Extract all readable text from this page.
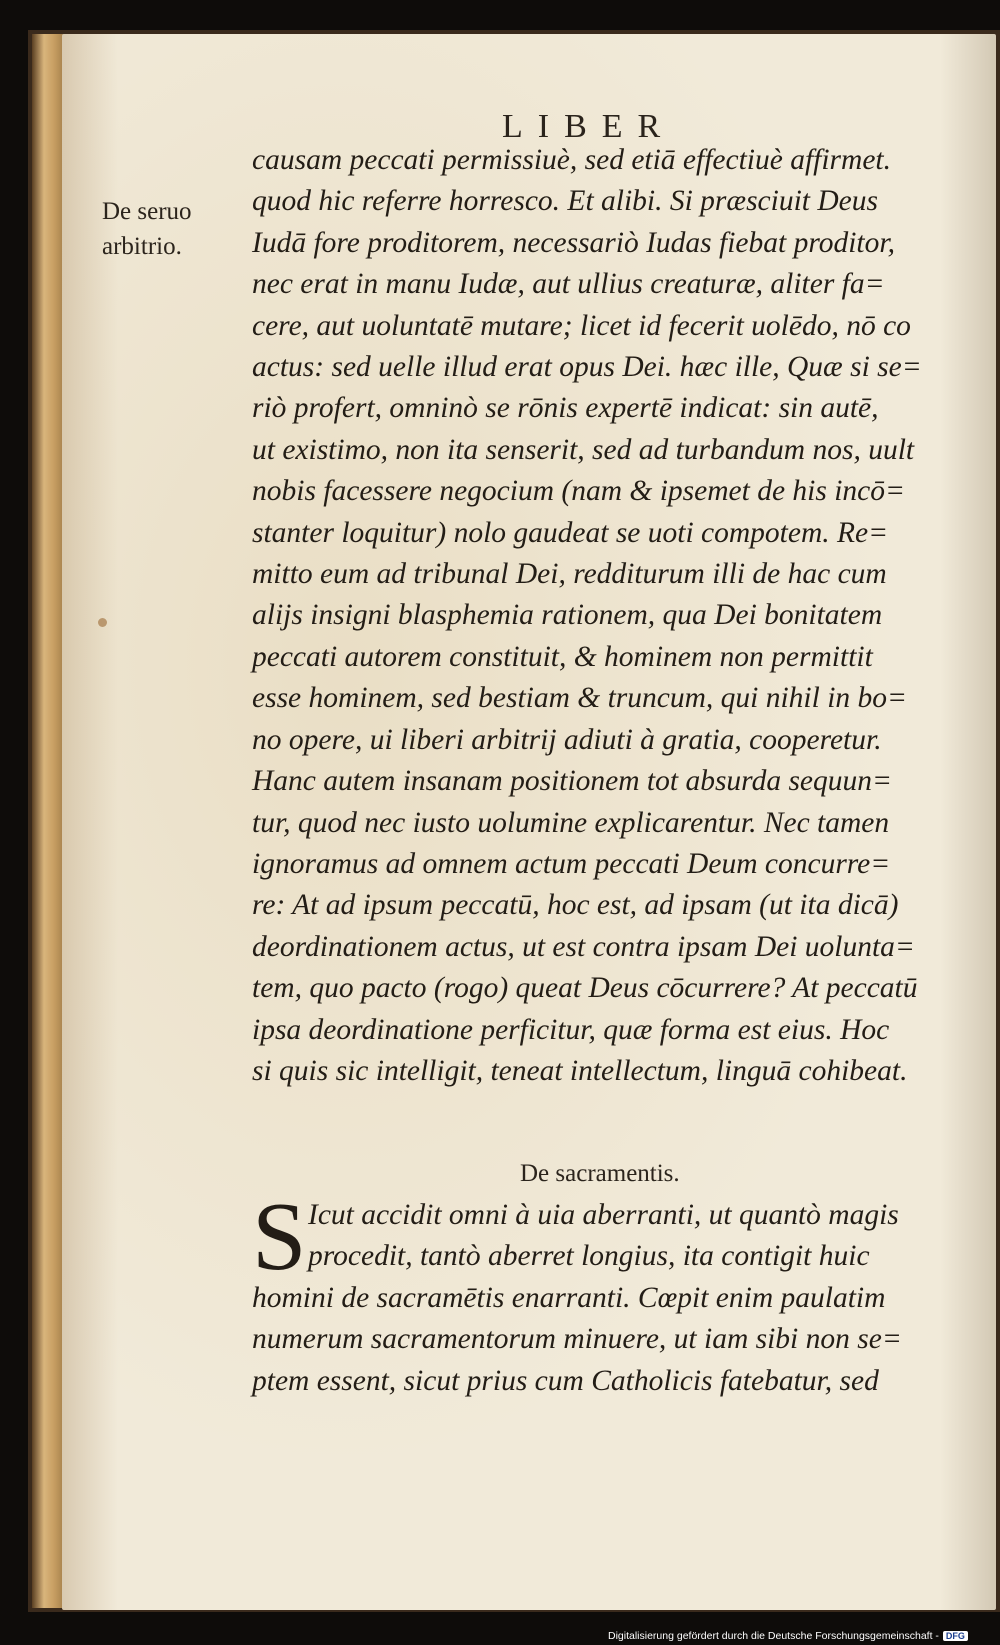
LIBER
De seruo
arbitrio.
causam peccati permissiuè, sed etiā effectiuè affirmet.
quod hic referre horresco. Et alibi. Si præsciuit Deus
Iudā fore proditorem, necessariò Iudas fiebat proditor,
nec erat in manu Iudæ, aut ullius creaturæ, aliter fa=
cere, aut uoluntatē mutare; licet id fecerit uolēdo, nō co
actus: sed uelle illud erat opus Dei. hæc ille, Quæ si se=
riò profert, omninò se rōnis expertē indicat: sin autē,
ut existimo, non ita senserit, sed ad turbandum nos, uult
nobis facessere negocium (nam & ipsemet de his incō=
stanter loquitur) nolo gaudeat se uoti compotem. Re=
mitto eum ad tribunal Dei, redditurum illi de hac cum
alijs insigni blasphemia rationem, qua Dei bonitatem
peccati autorem constituit, & hominem non permittit
esse hominem, sed bestiam & truncum, qui nihil in bo=
no opere, ui liberi arbitrij adiuti à gratia, cooperetur.
Hanc autem insanam positionem tot absurda sequun=
tur, quod nec iusto uolumine explicarentur. Nec tamen
ignoramus ad omnem actum peccati Deum concurre=
re: At ad ipsum peccatū, hoc est, ad ipsam (ut ita dicā)
deordinationem actus, ut est contra ipsam Dei uolunta=
tem, quo pacto (rogo) queat Deus cōcurrere? At peccatū
ipsa deordinatione perficitur, quæ forma est eius. Hoc
si quis sic intelligit, teneat intellectum, linguā cohibeat.
De sacramentis.
S Icut accidit omni à uia aberranti, ut quantò magis
procedit, tantò aberret longius, ita contigit huic
homini de sacramētis enarranti. Cœpit enim paulatim
numerum sacramentorum minuere, ut iam sibi non se=
ptem essent, sicut prius cum Catholicis fatebatur, sed
Digitalisierung gefördert durch die Deutsche Forschungsgemeinschaft - DFG
